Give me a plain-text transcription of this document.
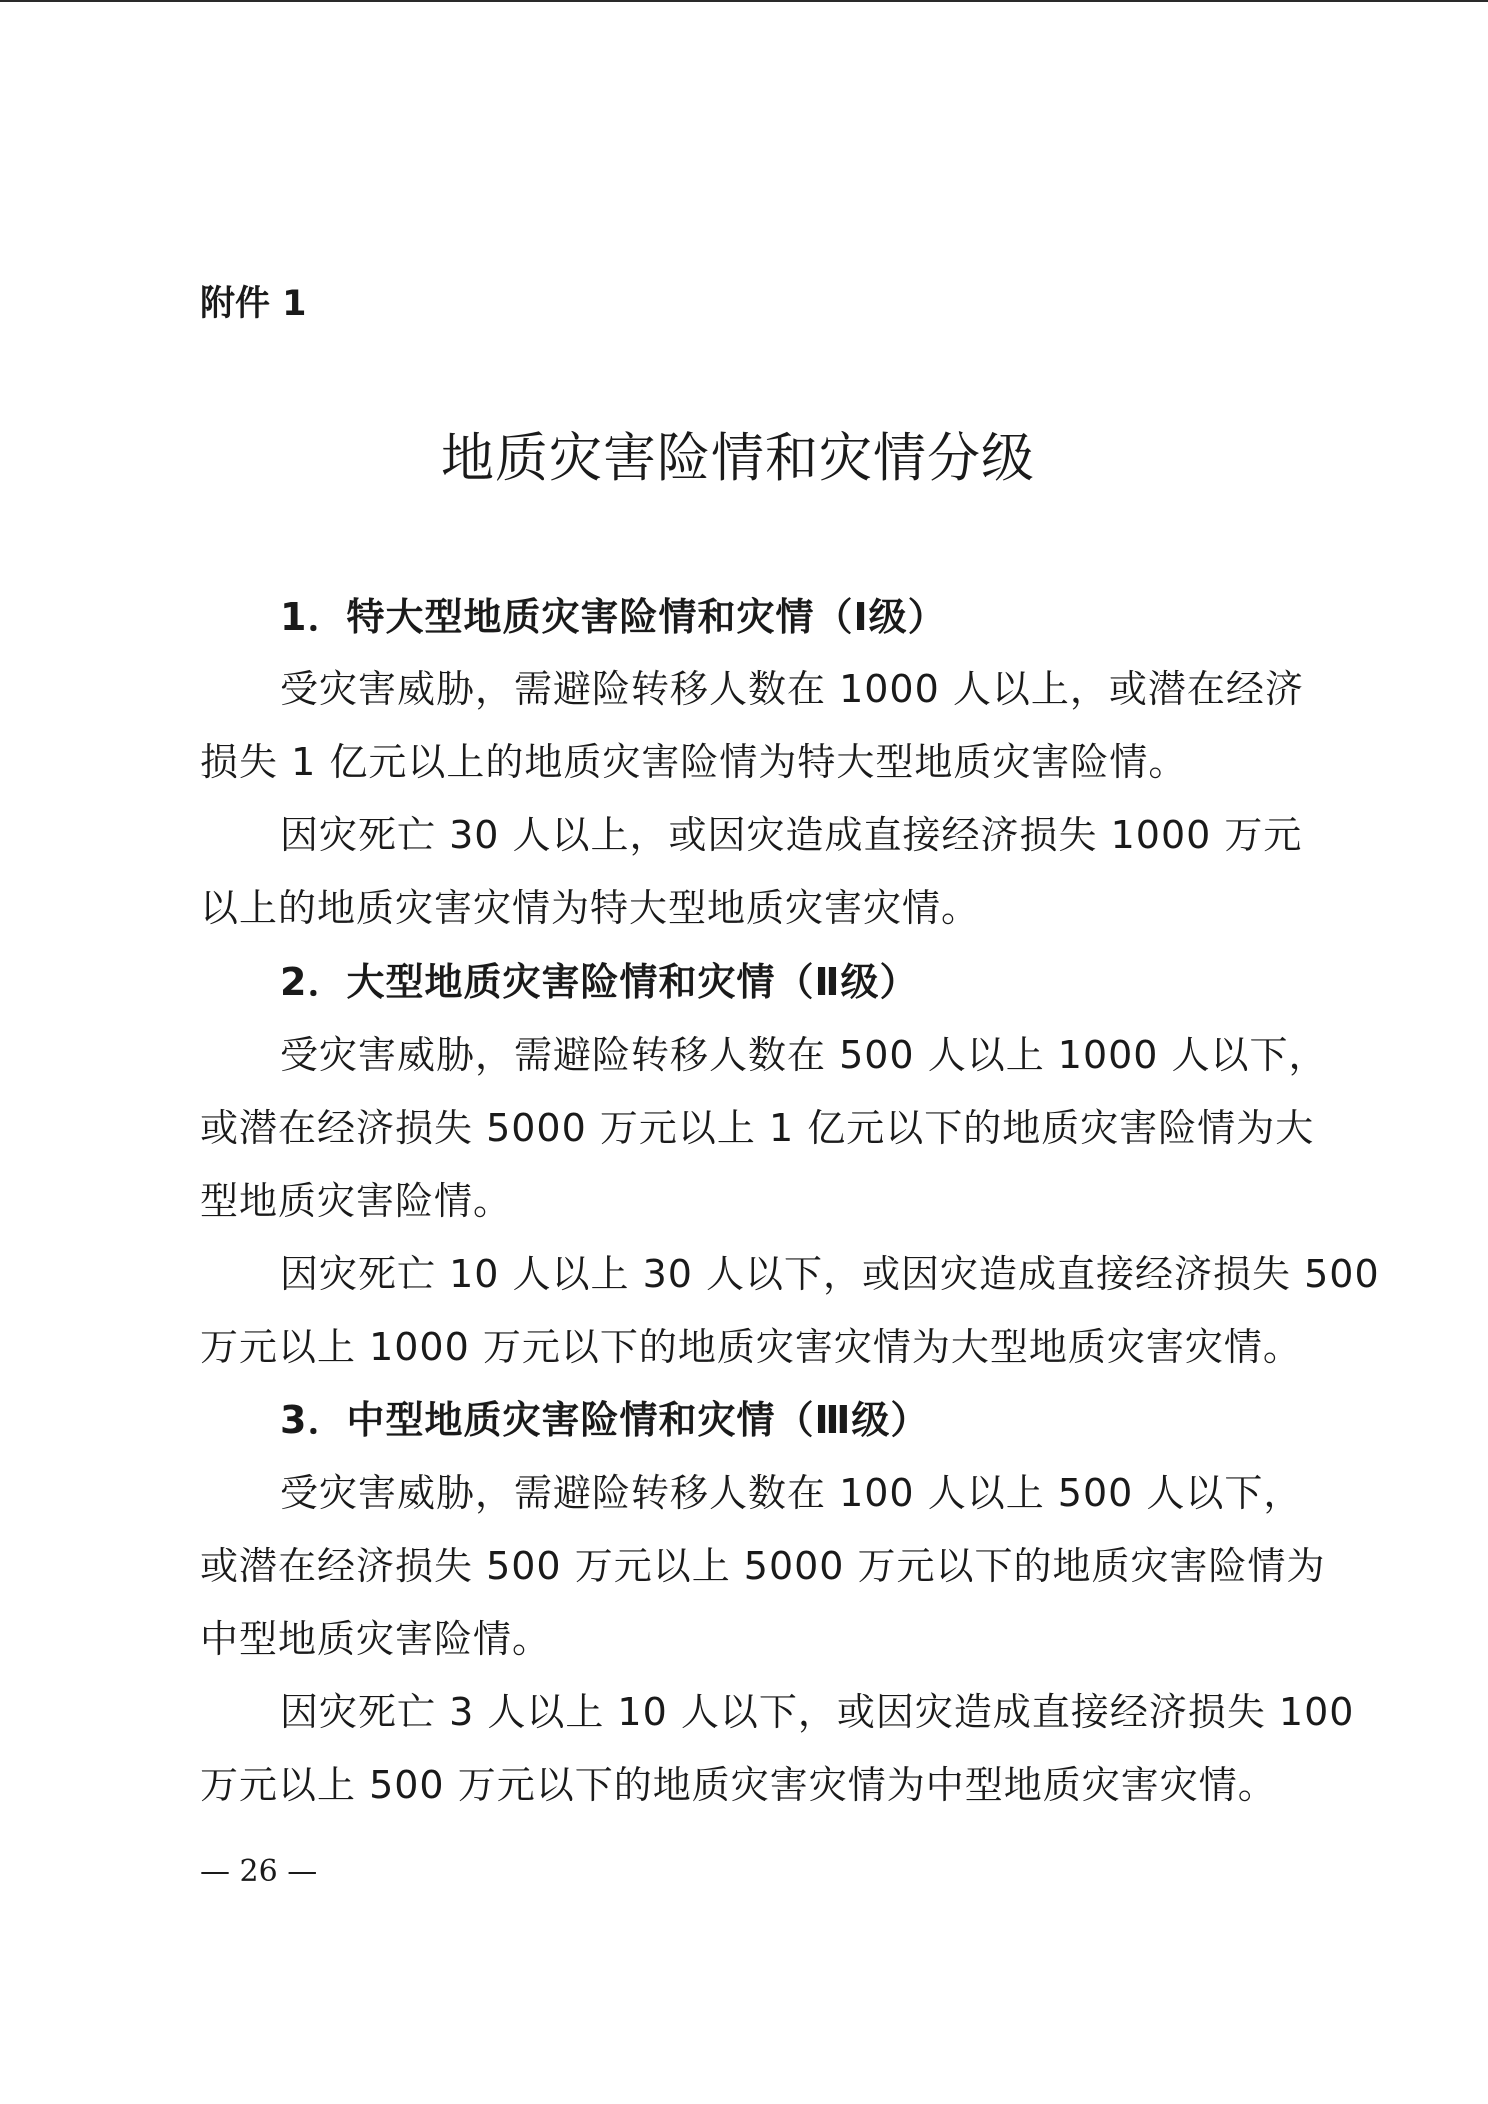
附件 1
地质灾害险情和灾情分级
1．特大型地质灾害险情和灾情（Ⅰ级）
受灾害威胁，需避险转移人数在 1000 人以上，或潜在经济
损失 1 亿元以上的地质灾害险情为特大型地质灾害险情。
因灾死亡 30 人以上，或因灾造成直接经济损失 1000 万元
以上的地质灾害灾情为特大型地质灾害灾情。
2．大型地质灾害险情和灾情（Ⅱ级）
受灾害威胁，需避险转移人数在 500 人以上 1000 人以下，
或潜在经济损失 5000 万元以上 1 亿元以下的地质灾害险情为大
型地质灾害险情。
因灾死亡 10 人以上 30 人以下，或因灾造成直接经济损失 500
万元以上 1000 万元以下的地质灾害灾情为大型地质灾害灾情。
3．中型地质灾害险情和灾情（Ⅲ级）
受灾害威胁，需避险转移人数在 100 人以上 500 人以下，
或潜在经济损失 500 万元以上 5000 万元以下的地质灾害险情为
中型地质灾害险情。
因灾死亡 3 人以上 10 人以下，或因灾造成直接经济损失 100
万元以上 500 万元以下的地质灾害灾情为中型地质灾害灾情。
— 26 —
